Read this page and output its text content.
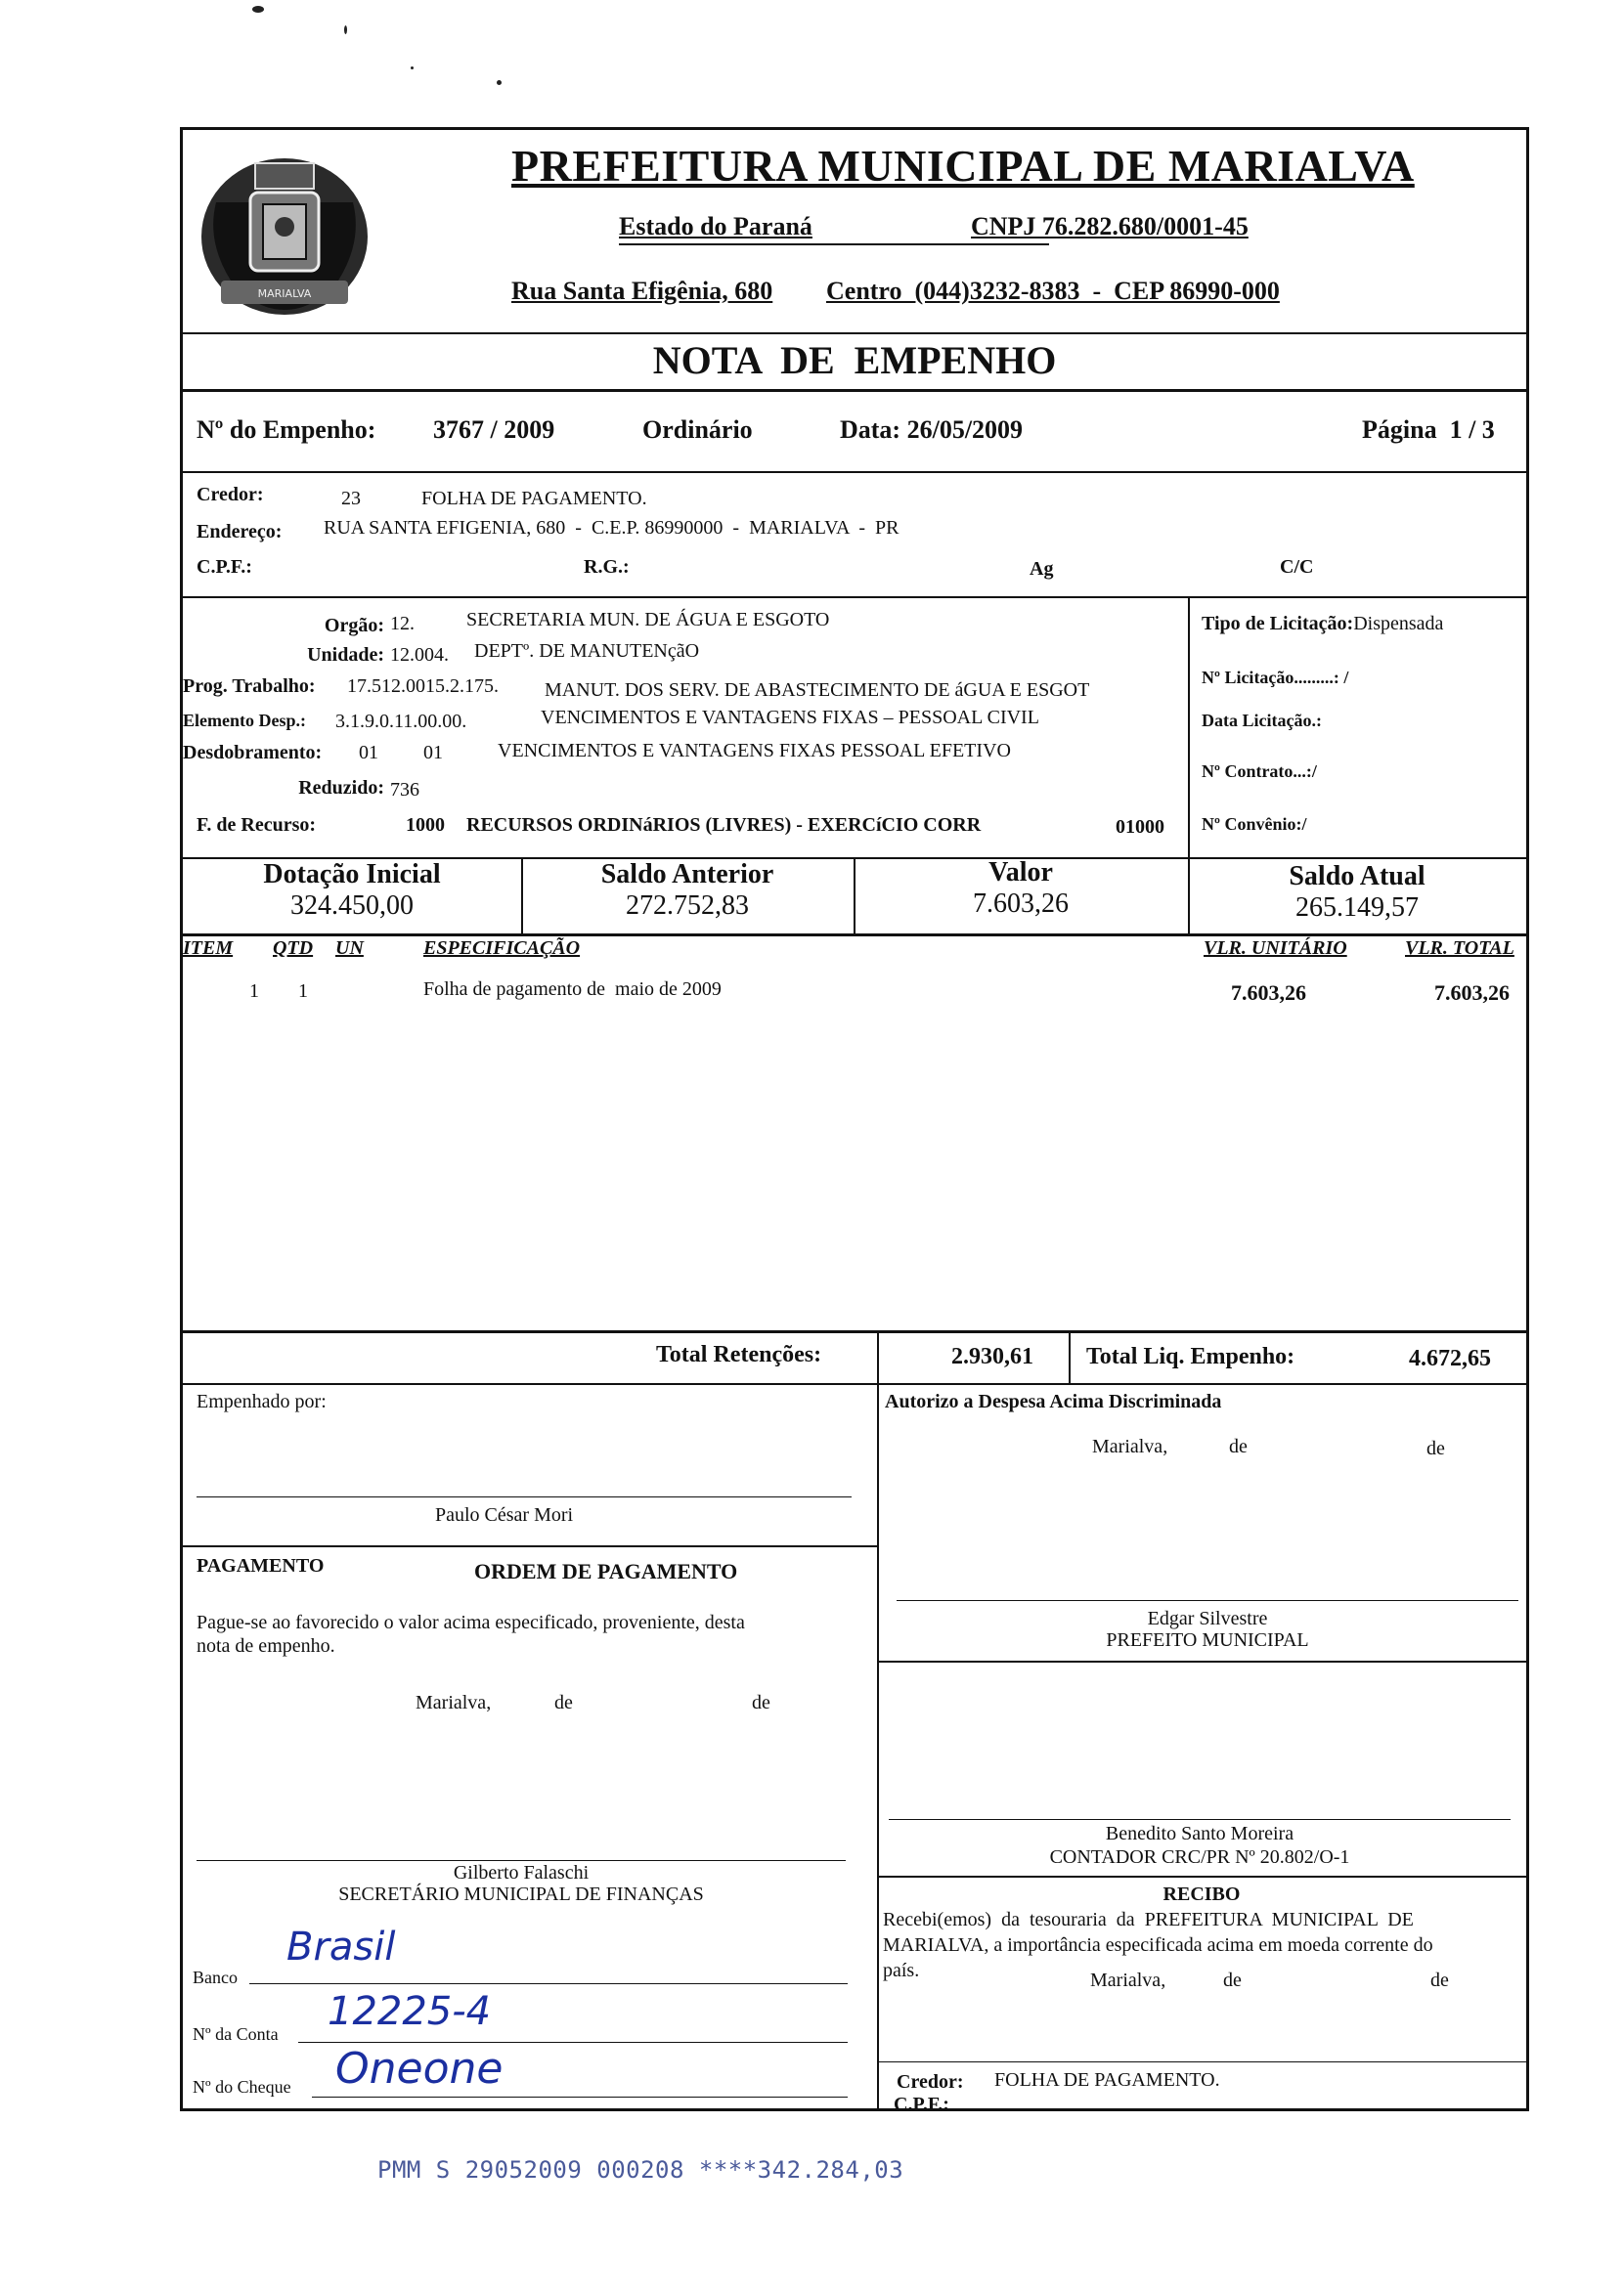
MARIALVA
PREFEITURA MUNICIPAL DE MARIALVA
Estado do Paraná	CNPJ 76.282.680/0001-45
Rua Santa Efigênia, 680 Centro  (044)3232-8383  -  CEP 86990-000
NOTA  DE  EMPENHO
Nº do Empenho: 3767 / 2009	Ordinário	Data: 26/05/2009	Página  1 / 3
Credor:	23	FOLHA DE PAGAMENTO.
Endereço: RUA SANTA EFIGENIA, 680  -  C.E.P. 86990000  -  MARIALVA  -  PR
C.P.F.:	R.G.:	Ag	C/C
Orgão: 12.	SECRETARIA MUN. DE ÁGUA E ESGOTO
Unidade: 12.004. DEPTº. DE MANUTENçãO
Prog. Trabalho: 17.512.0015.2.175. MANUT. DOS SERV. DE ABASTECIMENTO DE áGUA E ESGOT
Elemento Desp.: 3.1.9.0.11.00.00.	VENCIMENTOS E VANTAGENS FIXAS – PESSOAL CIVIL
Desdobramento: 01 01	VENCIMENTOS E VANTAGENS FIXAS PESSOAL EFETIVO
Reduzido: 736
F. de Recurso:	1000 RECURSOS ORDINáRIOS (LIVRES) - EXERCíCIO CORR	01000
Tipo de Licitação:Dispensada
Nº Licitação.........: /
Data Licitação.:
Nº Contrato...:/
Nº Convênio:/
Dotação Inicial
324.450,00
Saldo Anterior
272.752,83
Valor
7.603,26
Saldo Atual
265.149,57
ITEM QTD UN	ESPECIFICAÇÃO	VLR. UNITÁRIO	VLR. TOTAL
1 1	Folha de pagamento de  maio de 2009	7.603,26	7.603,26
Total Retenções:	2.930,61 Total Liq. Empenho:	4.672,65
Empenhado por:
Paulo César Mori
PAGAMENTO	ORDEM DE PAGAMENTO
Pague-se ao favorecido o valor acima especificado, proveniente, desta
nota de empenho.
Marialva,	de	de
Gilberto Falaschi
SECRETÁRIO MUNICIPAL DE FINANÇAS
Banco
Brasil
Nº da Conta 12225-4
Nº do Cheque Oneone
Autorizo a Despesa Acima Discriminada
Marialva,	de	de
Edgar Silvestre
PREFEITO MUNICIPAL
Benedito Santo Moreira
CONTADOR CRC/PR Nº 20.802/O-1
RECIBO
Recebi(emos)  da  tesouraria  da  PREFEITURA  MUNICIPAL  DE
MARIALVA, a importância especificada acima em moeda corrente do
país.	Marialva,	de	de
Credor: FOLHA DE PAGAMENTO.
C.P.F.:
PMM S 29052009 000208 ****342.284,03
